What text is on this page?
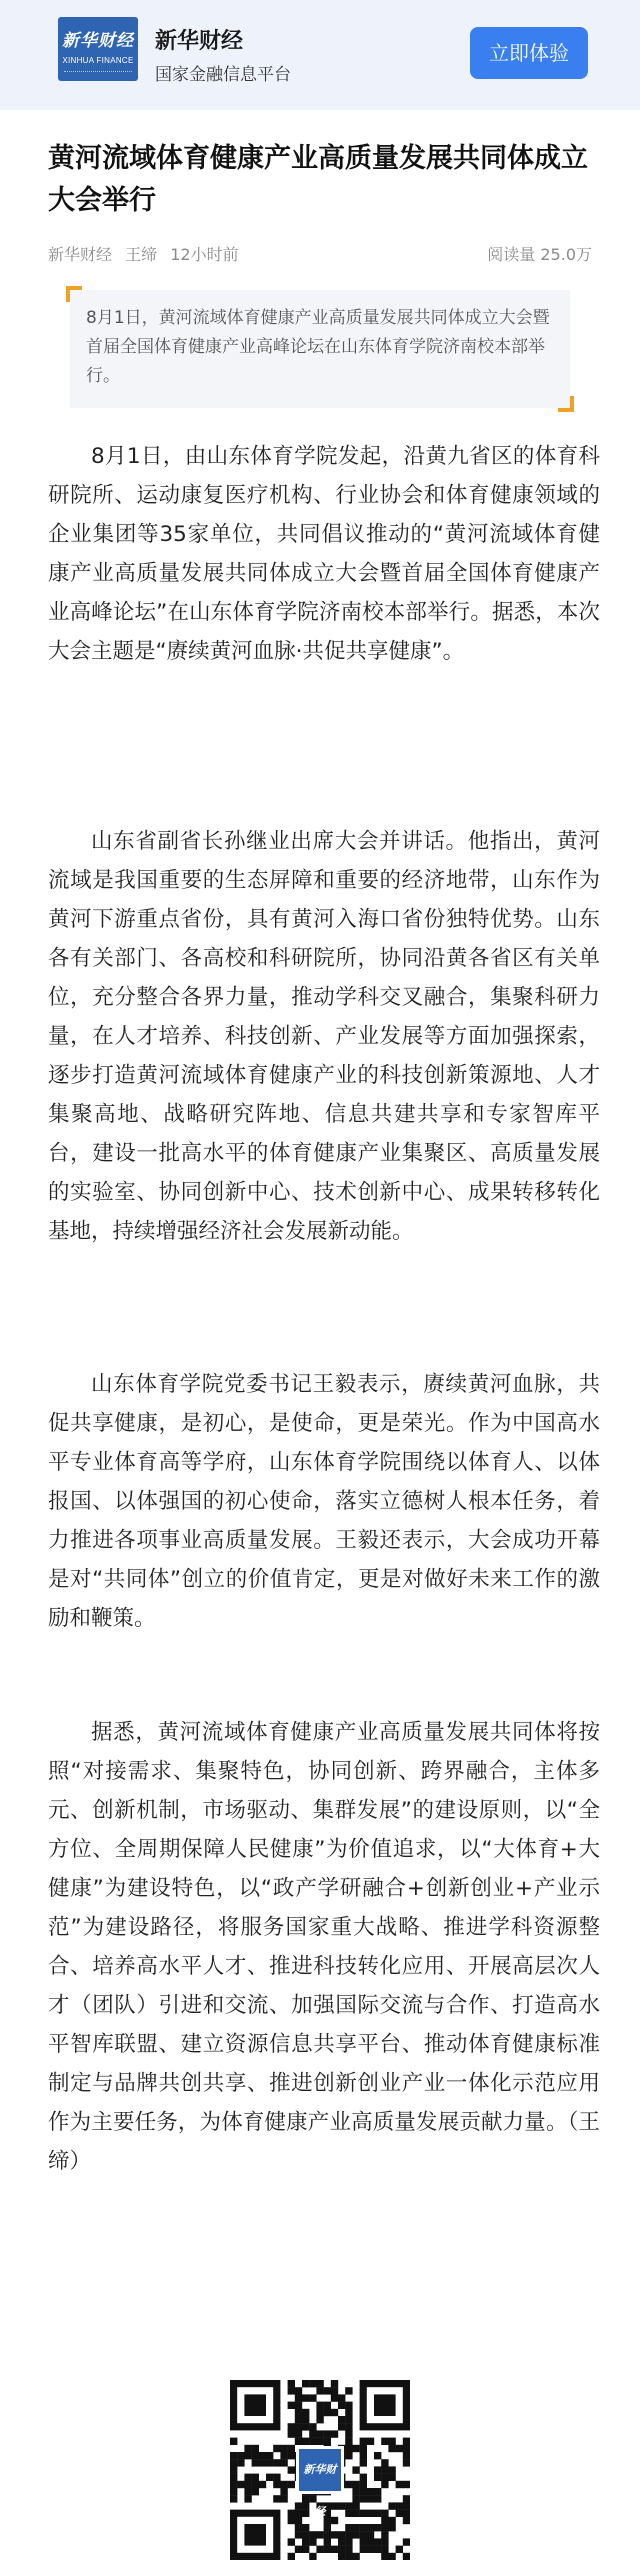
新华财经
XINHUA FINANCE
新华财经
国家金融信息平台
立即体验
黄河流域体育健康产业高质量发展共同体成立大会举行
新华财经 王缔 12小时前	阅读量 25.0万

8月1日，黄河流域体育健康产业高质量发展共同体成立大会暨首届全国体育健康产业高峰论坛在山东体育学院济南校本部举行。

8月1日，由山东体育学院发起，沿黄九省区的体育科研院所、运动康复医疗机构、行业协会和体育健康领域的企业集团等35家单位，共同倡议推动的“黄河流域体育健康产业高质量发展共同体成立大会暨首届全国体育健康产业高峰论坛”在山东体育学院济南校本部举行。据悉，本次大会主题是“赓续黄河血脉·共促共享健康”。

山东省副省长孙继业出席大会并讲话。他指出，黄河流域是我国重要的生态屏障和重要的经济地带，山东作为黄河下游重点省份，具有黄河入海口省份独特优势。山东各有关部门、各高校和科研院所，协同沿黄各省区有关单位，充分整合各界力量，推动学科交叉融合，集聚科研力量，在人才培养、科技创新、产业发展等方面加强探索，逐步打造黄河流域体育健康产业的科技创新策源地、人才集聚高地、战略研究阵地、信息共建共享和专家智库平台，建设一批高水平的体育健康产业集聚区、高质量发展的实验室、协同创新中心、技术创新中心、成果转移转化基地，持续增强经济社会发展新动能。

山东体育学院党委书记王毅表示，赓续黄河血脉，共促共享健康，是初心，是使命，更是荣光。作为中国高水平专业体育高等学府，山东体育学院围绕以体育人、以体报国、以体强国的初心使命，落实立德树人根本任务，着力推进各项事业高质量发展。王毅还表示，大会成功开幕是对“共同体”创立的价值肯定，更是对做好未来工作的激励和鞭策。

据悉，黄河流域体育健康产业高质量发展共同体将按照“对接需求、集聚特色，协同创新、跨界融合，主体多元、创新机制，市场驱动、集群发展”的建设原则，以“全方位、全周期保障人民健康”为价值追求，以“大体育+大健康”为建设特色，以“政产学研融合+创新创业+产业示范”为建设路径，将服务国家重大战略、推进学科资源整合、培养高水平人才、推进科技转化应用、开展高层次人才（团队）引进和交流、加强国际交流与合作、打造高水平智库联盟、建立资源信息共享平台、推动体育健康标准制定与品牌共创共享、推进创新创业产业一体化示范应用作为主要任务，为体育健康产业高质量发展贡献力量。（王缔）

新华财经
